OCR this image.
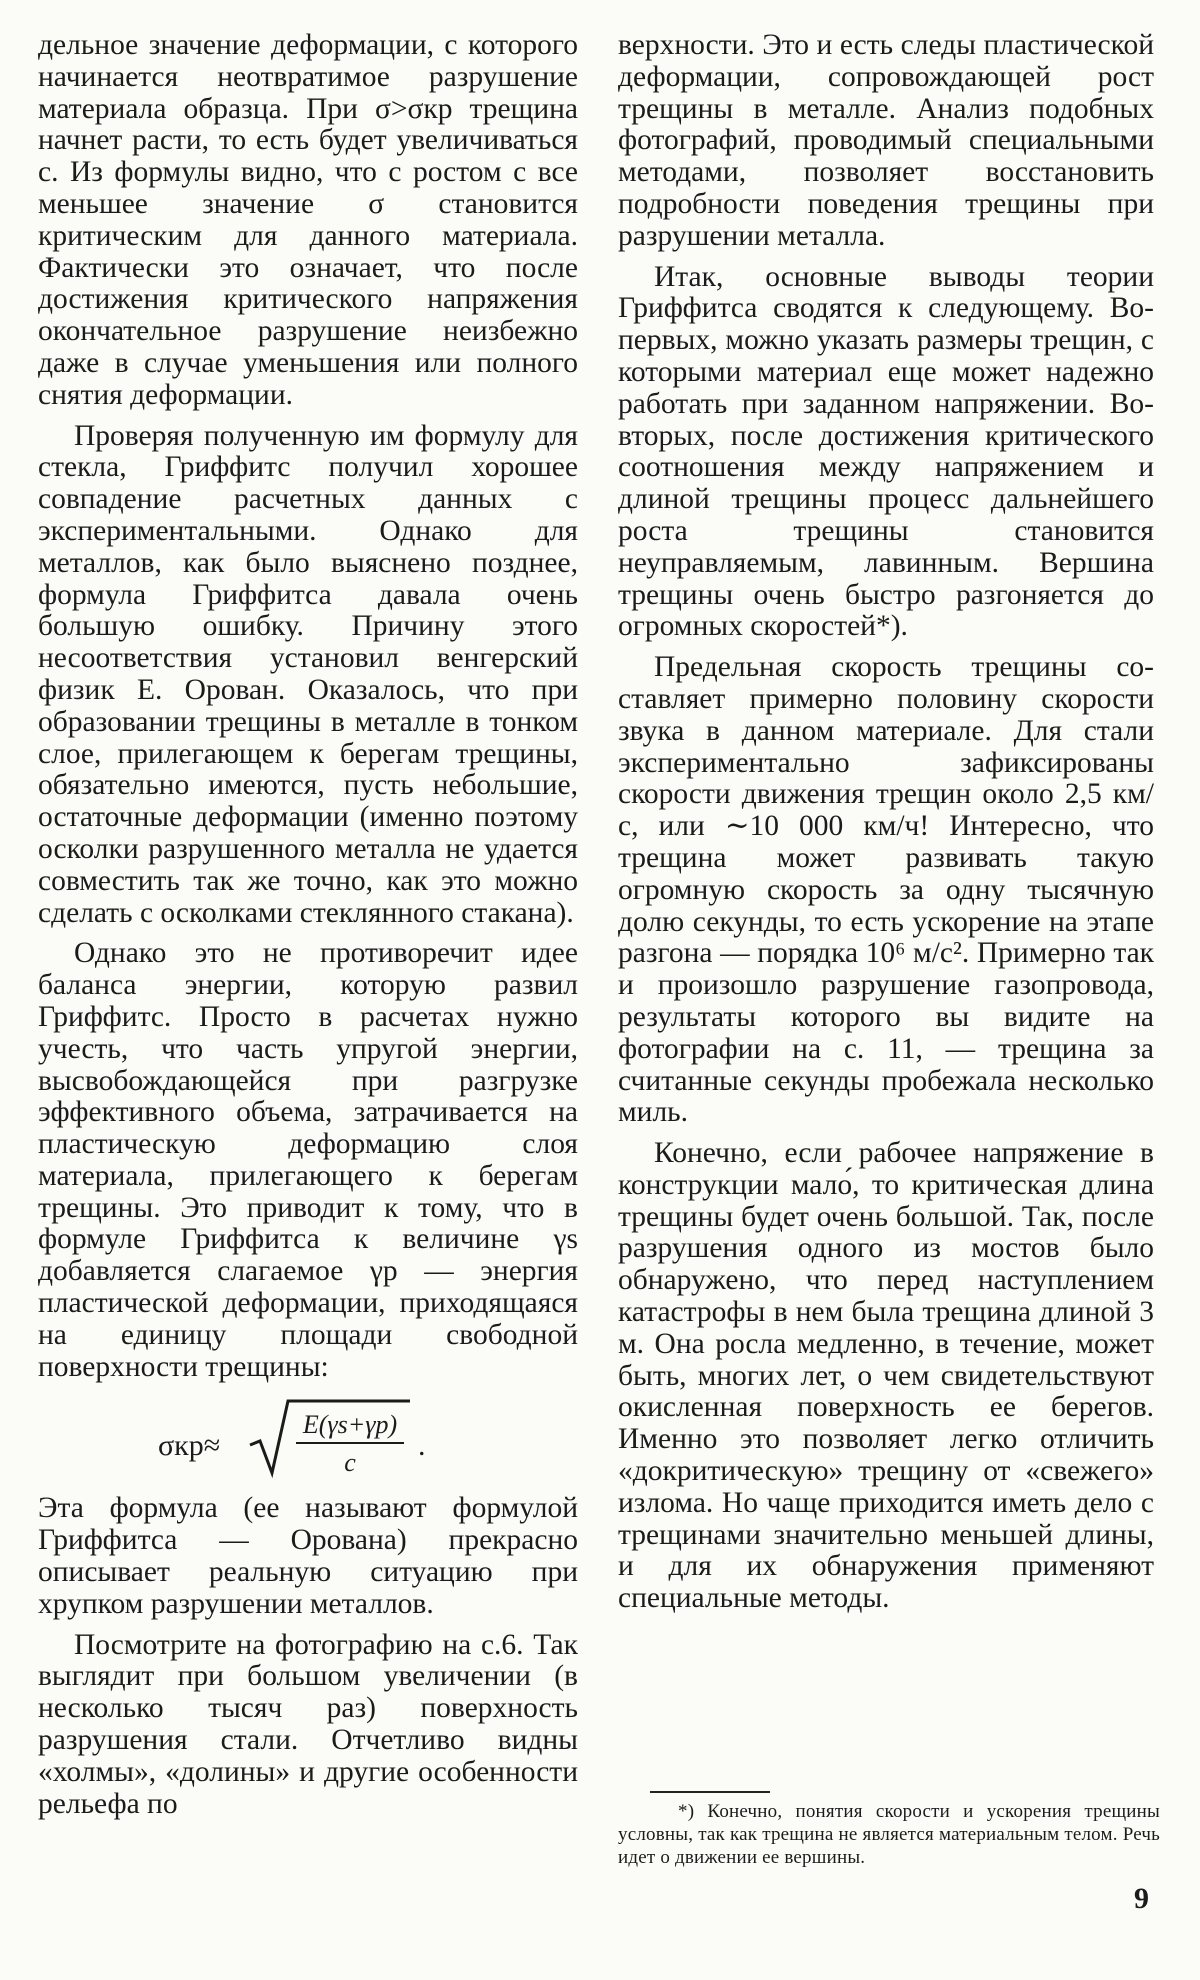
дельное значение деформации, с которого начинается неотвратимое разрушение материала образца. При σ>σкр трещина начнет расти, то есть будет увеличиваться c. Из формулы видно, что с ростом c все меньшее значение σ становится критическим для данного материала. Фактически это означает, что после достижения критического напряжения окончательное разрушение неизбежно даже в случае уменьшения или полного снятия деформации.

Проверяя полученную им формулу для стекла, Гриффитс получил хорошее совпадение расчетных данных с экспериментальными. Однако для металлов, как было выяснено позднее, формула Гриффитса давала очень большую ошибку. Причину этого несоответствия установил венгерский физик Е. Орован. Оказалось, что при образовании трещины в металле в тонком слое, прилегающем к берегам трещины, обязательно имеются, пусть небольшие, остаточные деформации (именно поэтому осколки разрушенного металла не удается совместить так же точно, как это можно сделать с осколками стеклянного стакана).

Однако это не противоречит идее баланса энергии, которую развил Гриффитс. Просто в расчетах нужно учесть, что часть упругой энергии, высвобождающейся при разгрузке эффективного объема, затрачивается на пластическую деформацию слоя материала, прилегающего к берегам трещины. Это приводит к тому, что в формуле Гриффитса к величине γs добавляется слагаемое γp — энергия пластической деформации, приходящаяся на единицу площади свободной поверхности трещины:

σкр≈
E(γs+γp)
c
.

Эта формула (ее называют формулой Гриффитса — Орована) прекрасно описывает реальную ситуацию при хрупком разрушении металлов.

Посмотрите на фотографию на с.6. Так выглядит при большом увеличении (в несколько тысяч раз) поверхность разрушения стали. Отчетливо видны «холмы», «долины» и другие особенности рельефа по

верхности. Это и есть следы пластической деформации, сопровождающей рост трещины в металле. Анализ подобных фотографий, проводимый специальными методами, позволяет восстановить подробности поведения трещины при разрушении металла.

Итак, основные выводы теории Гриффитса сводятся к следующему. Во-первых, можно указать размеры трещин, с которыми материал еще может надежно работать при заданном напряжении. Во-вторых, после достижения критического соотношения между напряжением и длиной трещины процесс дальнейшего роста трещины становится неуправляемым, лавинным. Вершина трещины очень быстро разгоняется до огромных скоростей*).

Предельная скорость трещины составляет примерно половину скорости звука в данном материале. Для стали экспериментально зафиксированы скорости движения трещин около 2,5 км/с, или ∼10 000 км/ч! Интересно, что трещина может развивать такую огромную скорость за одну тысячную долю секунды, то есть ускорение на этапе разгона — порядка 10⁶ м/с². Примерно так и произошло разрушение газопровода, результаты которого вы видите на фотографии на с. 11, — трещина за считанные секунды пробежала несколько миль.

Конечно, если рабочее напряжение в конструкции мало́, то критическая длина трещины будет очень большой. Так, после разрушения одного из мостов было обнаружено, что перед наступлением катастрофы в нем была трещина длиной 3 м. Она росла медленно, в течение, может быть, многих лет, о чем свидетельствуют окисленная поверхность ее берегов. Именно это позволяет легко отличить «докритическую» трещину от «свежего» излома. Но чаще приходится иметь дело с трещинами значительно меньшей длины, и для их обнаружения применяют специальные методы.

*) Конечно, понятия скорости и ускорения трещины условны, так как трещина не является материальным телом. Речь идет о движении ее вершины.
9
